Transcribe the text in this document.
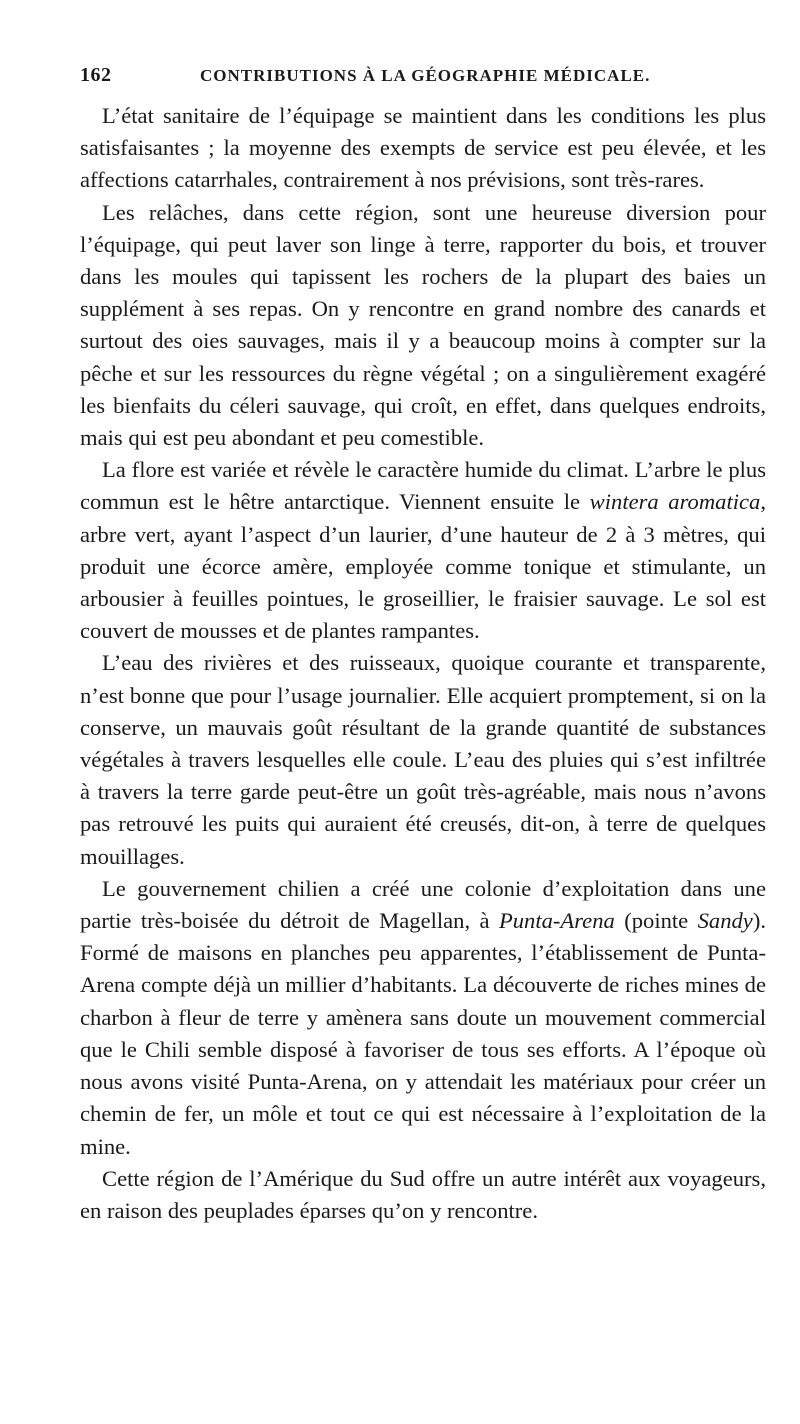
162	CONTRIBUTIONS À LA GÉOGRAPHIE MÉDICALE.

L’état sanitaire de l’équipage se maintient dans les conditions les plus satisfaisantes ; la moyenne des exempts de service est peu élevée, et les affections catarrhales, contrairement à nos prévisions, sont très-rares.

Les relâches, dans cette région, sont une heureuse diversion pour l’équipage, qui peut laver son linge à terre, rapporter du bois, et trouver dans les moules qui tapissent les rochers de la plupart des baies un supplément à ses repas. On y rencontre en grand nombre des canards et surtout des oies sauvages, mais il y a beaucoup moins à compter sur la pêche et sur les ressources du règne végétal ; on a singulièrement exagéré les bienfaits du céleri sauvage, qui croît, en effet, dans quelques endroits, mais qui est peu abondant et peu comestible.

La flore est variée et révèle le caractère humide du climat. L’arbre le plus commun est le hêtre antarctique. Viennent ensuite le wintera aromatica, arbre vert, ayant l’aspect d’un laurier, d’une hauteur de 2 à 3 mètres, qui produit une écorce amère, employée comme tonique et stimulante, un arbousier à feuilles pointues, le groseillier, le fraisier sauvage. Le sol est couvert de mousses et de plantes rampantes.

L’eau des rivières et des ruisseaux, quoique courante et transparente, n’est bonne que pour l’usage journalier. Elle acquiert promptement, si on la conserve, un mauvais goût résultant de la grande quantité de substances végétales à travers lesquelles elle coule. L’eau des pluies qui s’est infiltrée à travers la terre garde peut-être un goût très-agréable, mais nous n’avons pas retrouvé les puits qui auraient été creusés, dit-on, à terre de quelques mouillages.

Le gouvernement chilien a créé une colonie d’exploitation dans une partie très-boisée du détroit de Magellan, à Punta-Arena (pointe Sandy). Formé de maisons en planches peu apparentes, l’établissement de Punta-Arena compte déjà un millier d’habitants. La découverte de riches mines de charbon à fleur de terre y amènera sans doute un mouvement commercial que le Chili semble disposé à favoriser de tous ses efforts. A l’époque où nous avons visité Punta-Arena, on y attendait les matériaux pour créer un chemin de fer, un môle et tout ce qui est nécessaire à l’exploitation de la mine.

Cette région de l’Amérique du Sud offre un autre intérêt aux voyageurs, en raison des peuplades éparses qu’on y rencontre.
